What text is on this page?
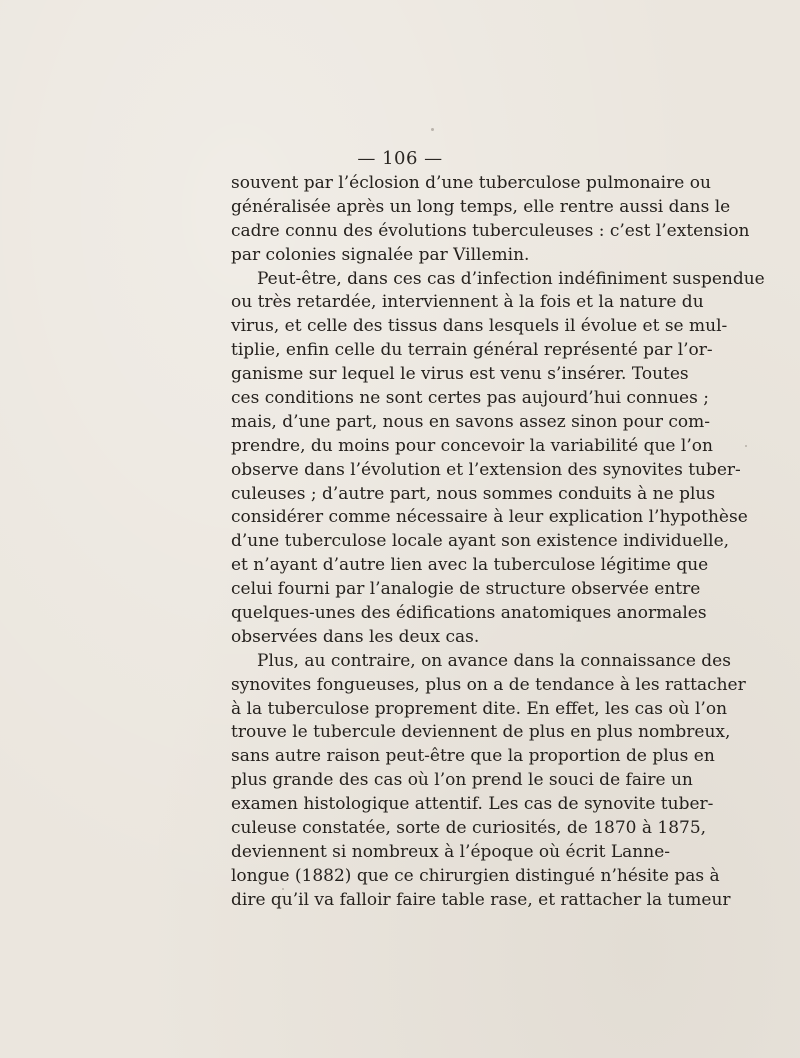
— 106 —
souvent par l’éclosion d’une tuberculose pulmonaire ou
généralisée après un long temps, elle rentre aussi dans le
cadre connu des évolutions tuberculeuses : c’est l’extension
par colonies signalée par Villemin.
Peut-être, dans ces cas d’infection indéfiniment suspendue
ou très retardée, interviennent à la fois et la nature du
virus, et celle des tissus dans lesquels il évolue et se mul-
tiplie, enfin celle du terrain général représenté par l’or-
ganisme sur lequel le virus est venu s’insérer. Toutes
ces conditions ne sont certes pas aujourd’hui connues ;
mais, d’une part, nous en savons assez sinon pour com-
prendre, du moins pour concevoir la variabilité que l’on
observe dans l’évolution et l’extension des synovites tuber-
culeuses ; d’autre part, nous sommes conduits à ne plus
considérer comme nécessaire à leur explication l’hypothèse
d’une tuberculose locale ayant son existence individuelle,
et n’ayant d’autre lien avec la tuberculose légitime que
celui fourni par l’analogie de structure observée entre
quelques-unes des édifications anatomiques anormales
observées dans les deux cas.
Plus, au contraire, on avance dans la connaissance des
synovites fongueuses, plus on a de tendance à les rattacher
à la tuberculose proprement dite. En effet, les cas où l’on
trouve le tubercule deviennent de plus en plus nombreux,
sans autre raison peut-être que la proportion de plus en
plus grande des cas où l’on prend le souci de faire un
examen histologique attentif. Les cas de synovite tuber-
culeuse constatée, sorte de curiosités, de 1870 à 1875,
deviennent si nombreux à l’époque où écrit Lanne-
longue (1882) que ce chirurgien distingué n’hésite pas à
dire qu’il va falloir faire table rase, et rattacher la tumeur
